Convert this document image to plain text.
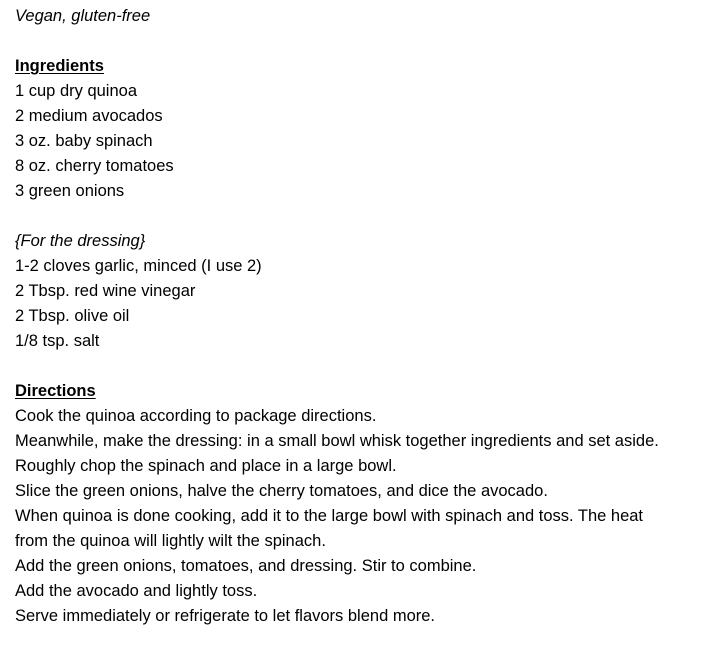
Vegan, gluten-free
Ingredients
1 cup dry quinoa
2 medium avocados
3 oz. baby spinach
8 oz. cherry tomatoes
3 green onions
{For the dressing}
1-2 cloves garlic, minced (I use 2)
2 Tbsp. red wine vinegar
2 Tbsp. olive oil
1/8 tsp. salt
Directions
Cook the quinoa according to package directions.
Meanwhile, make the dressing: in a small bowl whisk together ingredients and set aside.
Roughly chop the spinach and place in a large bowl.
Slice the green onions, halve the cherry tomatoes, and dice the avocado.
When quinoa is done cooking, add it to the large bowl with spinach and toss. The heat
from the quinoa will lightly wilt the spinach.
Add the green onions, tomatoes, and dressing. Stir to combine.
Add the avocado and lightly toss.
Serve immediately or refrigerate to let flavors blend more.
